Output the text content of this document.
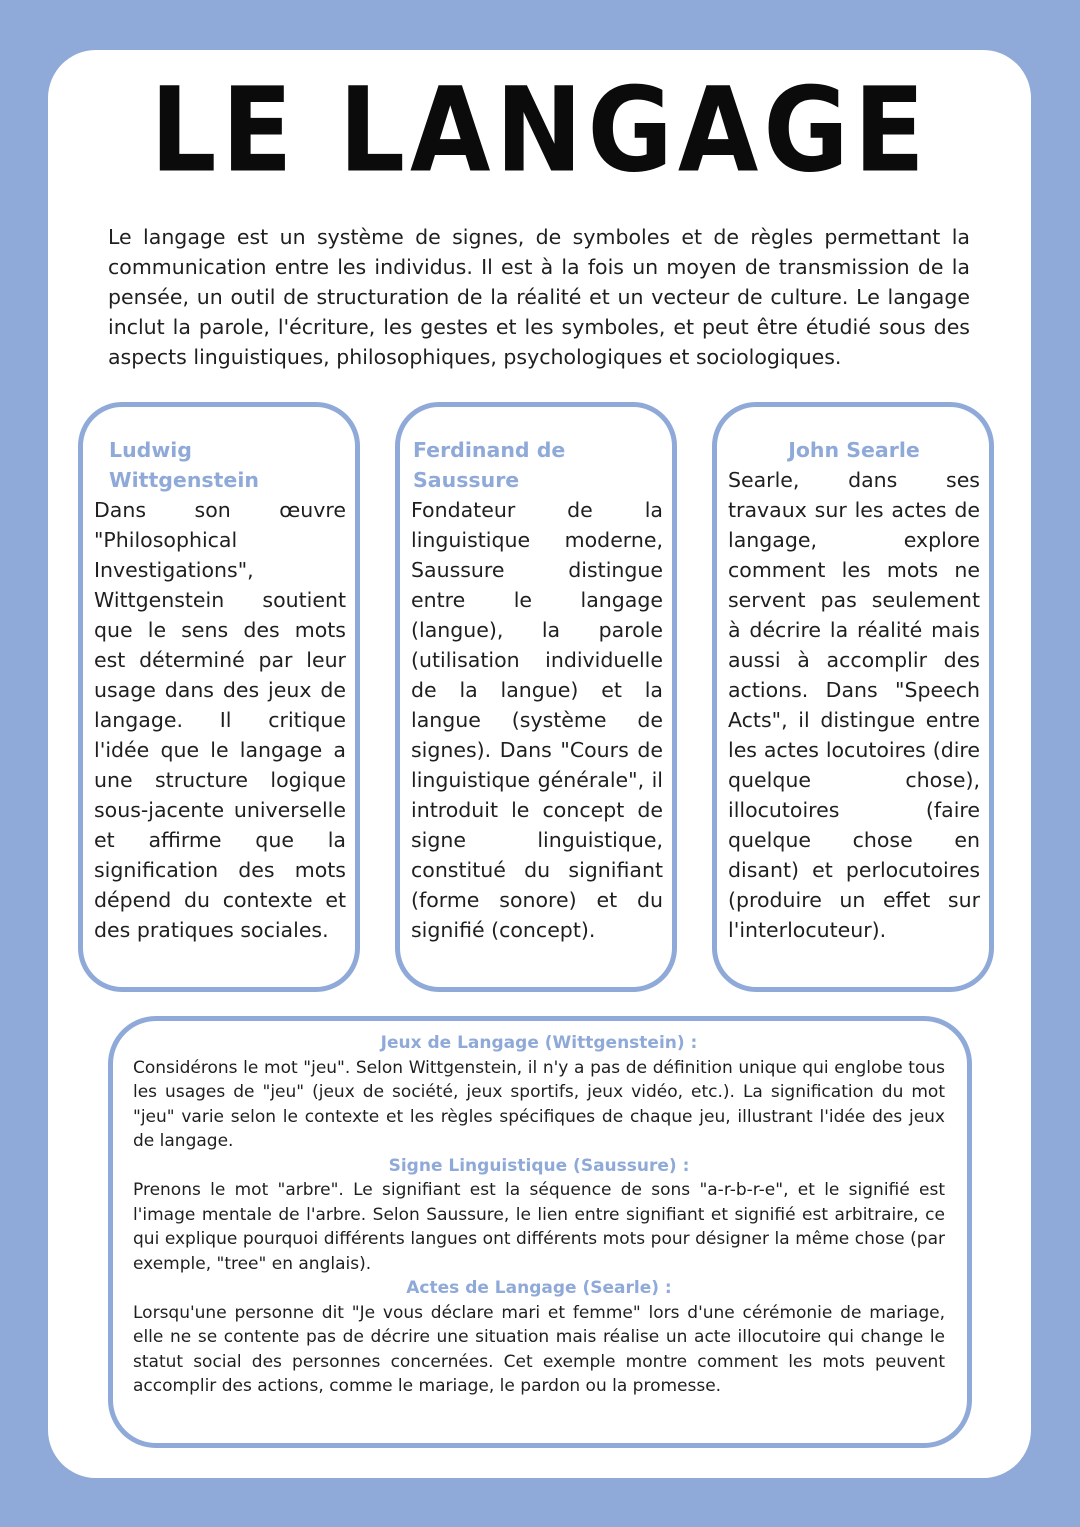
LE LANGAGE

Le langage est un système de signes, de symboles et de règles permettant la communication entre les individus. Il est à la fois un moyen de transmission de la pensée, un outil de structuration de la réalité et un vecteur de culture. Le langage inclut la parole, l'écriture, les gestes et les symboles, et peut être étudié sous des aspects linguistiques, philosophiques, psychologiques et sociologiques.

Ludwig Wittgenstein

Dans son œuvre "Philosophical Investigations", Wittgenstein soutient que le sens des mots est déterminé par leur usage dans des jeux de langage. Il critique l'idée que le langage a une structure logique sous-jacente universelle et affirme que la signification des mots dépend du contexte et des pratiques sociales.

Ferdinand de Saussure

Fondateur de la linguistique moderne, Saussure distingue entre le langage (langue), la parole (utilisation individuelle de la langue) et la langue (système de signes). Dans "Cours de linguistique générale", il introduit le concept de signe linguistique, constitué du signifiant (forme sonore) et du signifié (concept).

John Searle

Searle, dans ses travaux sur les actes de langage, explore comment les mots ne servent pas seulement à décrire la réalité mais aussi à accomplir des actions. Dans "Speech Acts", il distingue entre les actes locutoires (dire quelque chose), illocutoires (faire quelque chose en disant) et perlocutoires (produire un effet sur l'interlocuteur).

Jeux de Langage (Wittgenstein) :

Considérons le mot "jeu". Selon Wittgenstein, il n'y a pas de définition unique qui englobe tous les usages de "jeu" (jeux de société, jeux sportifs, jeux vidéo, etc.). La signification du mot "jeu" varie selon le contexte et les règles spécifiques de chaque jeu, illustrant l'idée des jeux de langage.

Signe Linguistique (Saussure) :

Prenons le mot "arbre". Le signifiant est la séquence de sons "a-r-b-r-e", et le signifié est l'image mentale de l'arbre. Selon Saussure, le lien entre signifiant et signifié est arbitraire, ce qui explique pourquoi différents langues ont différents mots pour désigner la même chose (par exemple, "tree" en anglais).

Actes de Langage (Searle) :

Lorsqu'une personne dit "Je vous déclare mari et femme" lors d'une cérémonie de mariage, elle ne se contente pas de décrire une situation mais réalise un acte illocutoire qui change le statut social des personnes concernées. Cet exemple montre comment les mots peuvent accomplir des actions, comme le mariage, le pardon ou la promesse.
